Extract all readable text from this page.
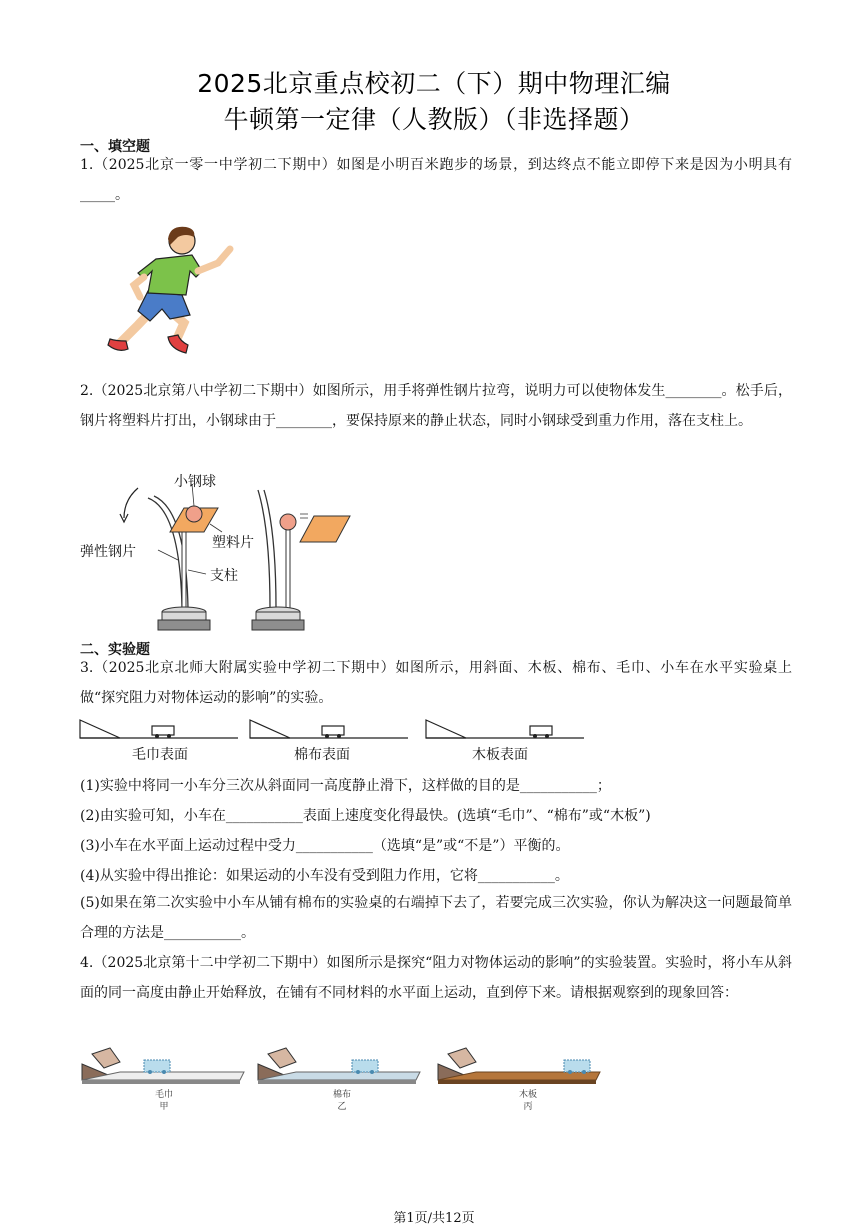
2025北京重点校初二（下）期中物理汇编
牛顿第一定律（人教版）（非选择题）
一、填空题
1.（2025北京一零一中学初二下期中）如图是小明百米跑步的场景，到达终点不能立即停下来是因为小明具有_____。
2.（2025北京第八中学初二下期中）如图所示，用手将弹性钢片拉弯，说明力可以使物体发生________。松手后，钢片将塑料片打出，小钢球由于________，要保持原来的静止状态，同时小钢球受到重力作用，落在支柱上。
小钢球
塑料片
弹性钢片
支柱
二、实验题
3.（2025北京北师大附属实验中学初二下期中）如图所示，用斜面、木板、棉布、毛巾、小车在水平实验桌上做“探究阻力对物体运动的影响”的实验。
毛巾表面	棉布表面	木板表面
(1)实验中将同一小车分三次从斜面同一高度静止滑下，这样做的目的是___________；
(2)由实验可知，小车在___________表面上速度变化得最快。(选填“毛巾”、“棉布”或“木板”)
(3)小车在水平面上运动过程中受力___________（选填“是”或“不是”）平衡的。
(4)从实验中得出推论：如果运动的小车没有受到阻力作用，它将___________。
(5)如果在第二次实验中小车从铺有棉布的实验桌的右端掉下去了，若要完成三次实验，你认为解决这一问题最简单合理的方法是___________。
4.（2025北京第十二中学初二下期中）如图所示是探究“阻力对物体运动的影响”的实验装置。实验时，将小车从斜面的同一高度由静止开始释放，在铺有不同材料的水平面上运动，直到停下来。请根据观察到的现象回答：
毛巾
甲
棉布
乙
木板
丙
第1页/共12页
